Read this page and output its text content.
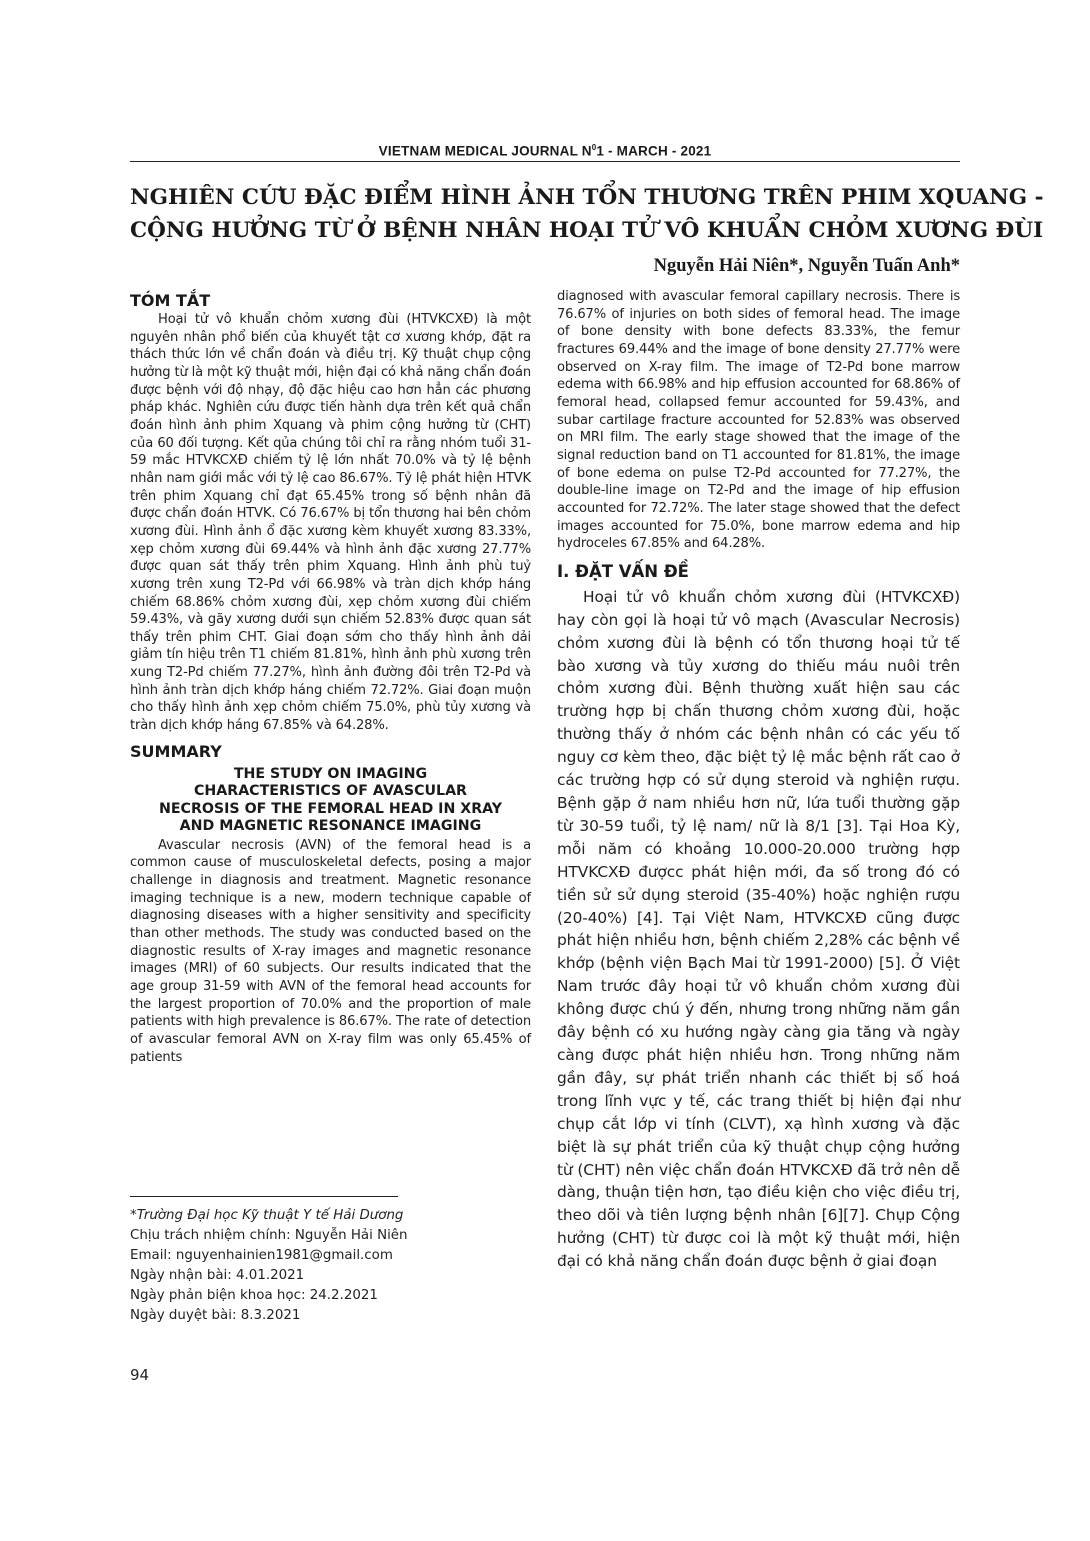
VIETNAM MEDICAL JOURNAL $N^01$ - MARCH - 2021
NGHIÊN CỨU ĐẶC ĐIỂM HÌNH ẢNH TỔN THƯƠNG TRÊN PHIM XQUANG -
CỘNG HƯỞNG TỪ Ở BỆNH NHÂN HOẠI TỬ VÔ KHUẨN CHỎM XƯƠNG ĐÙI

Nguyễn Hải Niên*, Nguyễn Tuấn Anh*

TÓM TẮT

Hoại tử vô khuẩn chỏm xương đùi (HTVKCXĐ) là một nguyên nhân phổ biến của khuyết tật cơ xương khớp, đặt ra thách thức lớn về chẩn đoán và điều trị. Kỹ thuật chụp cộng hưởng từ là một kỹ thuật mới, hiện đại có khả năng chẩn đoán được bệnh với độ nhạy, độ đặc hiệu cao hơn hẳn các phương pháp khác. Nghiên cứu được tiến hành dựa trên kết quả chẩn đoán hình ảnh phim Xquang và phim cộng hưởng từ (CHT) của 60 đối tượng. Kết qủa chúng tôi chỉ ra rằng nhóm tuổi 31-59 mắc HTVKCXĐ chiếm tỷ lệ lớn nhất 70.0% và tỷ lệ bệnh nhân nam giới mắc với tỷ lệ cao 86.67%. Tỷ lệ phát hiện HTVK trên phim Xquang chỉ đạt 65.45% trong số bệnh nhân đã được chẩn đoán HTVK. Có 76.67% bị tổn thương hai bên chỏm xương đùi. Hình ảnh ổ đặc xương kèm khuyết xương 83.33%, xẹp chỏm xương đùi 69.44% và hình ảnh đặc xương 27.77% được quan sát thấy trên phim Xquang. Hình ảnh phù tuỷ xương trên xung T2-Pd với 66.98% và tràn dịch khớp háng chiếm 68.86% chỏm xương đùi, xẹp chỏm xương đùi chiếm 59.43%, và gãy xương dưới sụn chiếm 52.83% được quan sát thấy trên phim CHT. Giai đoạn sớm cho thấy hình ảnh dải giảm tín hiệu trên T1 chiếm 81.81%, hình ảnh phù xương trên xung T2-Pd chiếm 77.27%, hình ảnh đường đôi trên T2-Pd và hình ảnh tràn dịch khớp háng chiếm 72.72%. Giai đoạn muộn cho thấy hình ảnh xẹp chỏm chiếm 75.0%, phù tủy xương và tràn dịch khớp háng 67.85% và 64.28%.

SUMMARY
THE STUDY ON IMAGING
CHARACTERISTICS OF AVASCULAR
NECROSIS OF THE FEMORAL HEAD IN XRAY
AND MAGNETIC RESONANCE IMAGING

Avascular necrosis (AVN) of the femoral head is a common cause of musculoskeletal defects, posing a major challenge in diagnosis and treatment. Magnetic resonance imaging technique is a new, modern technique capable of diagnosing diseases with a higher sensitivity and specificity than other methods. The study was conducted based on the diagnostic results of X-ray images and magnetic resonance images (MRI) of 60 subjects. Our results indicated that the age group 31-59 with AVN of the femoral head accounts for the largest proportion of 70.0% and the proportion of male patients with high prevalence is 86.67%. The rate of detection of avascular femoral AVN on X-ray film was only 65.45% of patients

diagnosed with avascular femoral capillary necrosis. There is 76.67% of injuries on both sides of femoral head. The image of bone density with bone defects 83.33%, the femur fractures 69.44% and the image of bone density 27.77% were observed on X-ray film. The image of T2-Pd bone marrow edema with 66.98% and hip effusion accounted for 68.86% of femoral head, collapsed femur accounted for 59.43%, and subar cartilage fracture accounted for 52.83% was observed on MRI film. The early stage showed that the image of the signal reduction band on T1 accounted for 81.81%, the image of bone edema on pulse T2-Pd accounted for 77.27%, the double-line image on T2-Pd and the image of hip effusion accounted for 72.72%. The later stage showed that the defect images accounted for 75.0%, bone marrow edema and hip hydroceles 67.85% and 64.28%.

I. ĐẶT VẤN ĐỀ

Hoại tử vô khuẩn chỏm xương đùi (HTVKCXĐ) hay còn gọi là hoại tử vô mạch (Avascular Necrosis) chỏm xương đùi là bệnh có tổn thương hoại tử tế bào xương và tủy xương do thiếu máu nuôi trên chỏm xương đùi. Bệnh thường xuất hiện sau các trường hợp bị chấn thương chỏm xương đùi, hoặc thường thấy ở nhóm các bệnh nhân có các yếu tố nguy cơ kèm theo, đặc biệt tỷ lệ mắc bệnh rất cao ở các trường hợp có sử dụng steroid và nghiện rượu. Bệnh gặp ở nam nhiều hơn nữ, lứa tuổi thường gặp từ 30-59 tuổi, tỷ lệ nam/ nữ là 8/1 [3]. Tại Hoa Kỳ, mỗi năm có khoảng 10.000-20.000 trường hợp HTVKCXĐ đượcc phát hiện mới, đa số trong đó có tiền sử sử dụng steroid (35-40%) hoặc nghiện rượu (20-40%) [4]. Tại Việt Nam, HTVKCXĐ cũng được phát hiện nhiều hơn, bệnh chiếm 2,28% các bệnh về khớp (bệnh viện Bạch Mai từ 1991-2000) [5]. Ở Việt Nam trước đây hoại tử vô khuẩn chỏm xương đùi không được chú ý đến, nhưng trong những năm gần đây bệnh có xu hướng ngày càng gia tăng và ngày càng được phát hiện nhiều hơn. Trong những năm gần đây, sự phát triển nhanh các thiết bị số hoá trong lĩnh vực y tế, các trang thiết bị hiện đại như chụp cắt lớp vi tính (CLVT), xạ hình xương và đặc biệt là sự phát triển của kỹ thuật chụp cộng hưởng từ (CHT) nên việc chẩn đoán HTVKCXĐ đã trở nên dễ dàng, thuận tiện hơn, tạo điều kiện cho việc điều trị, theo dõi và tiên lượng bệnh nhân [6][7]. Chụp Cộng hưởng (CHT) từ được coi là một kỹ thuật mới, hiện đại có khả năng chẩn đoán được bệnh ở giai đoạn

*Trường Đại học Kỹ thuật Y tế Hải Dương
Chịu trách nhiệm chính: Nguyễn Hải Niên
Email: nguyenhainien1981@gmail.com
Ngày nhận bài: 4.01.2021
Ngày phản biện khoa học: 24.2.2021
Ngày duyệt bài: 8.3.2021
94
